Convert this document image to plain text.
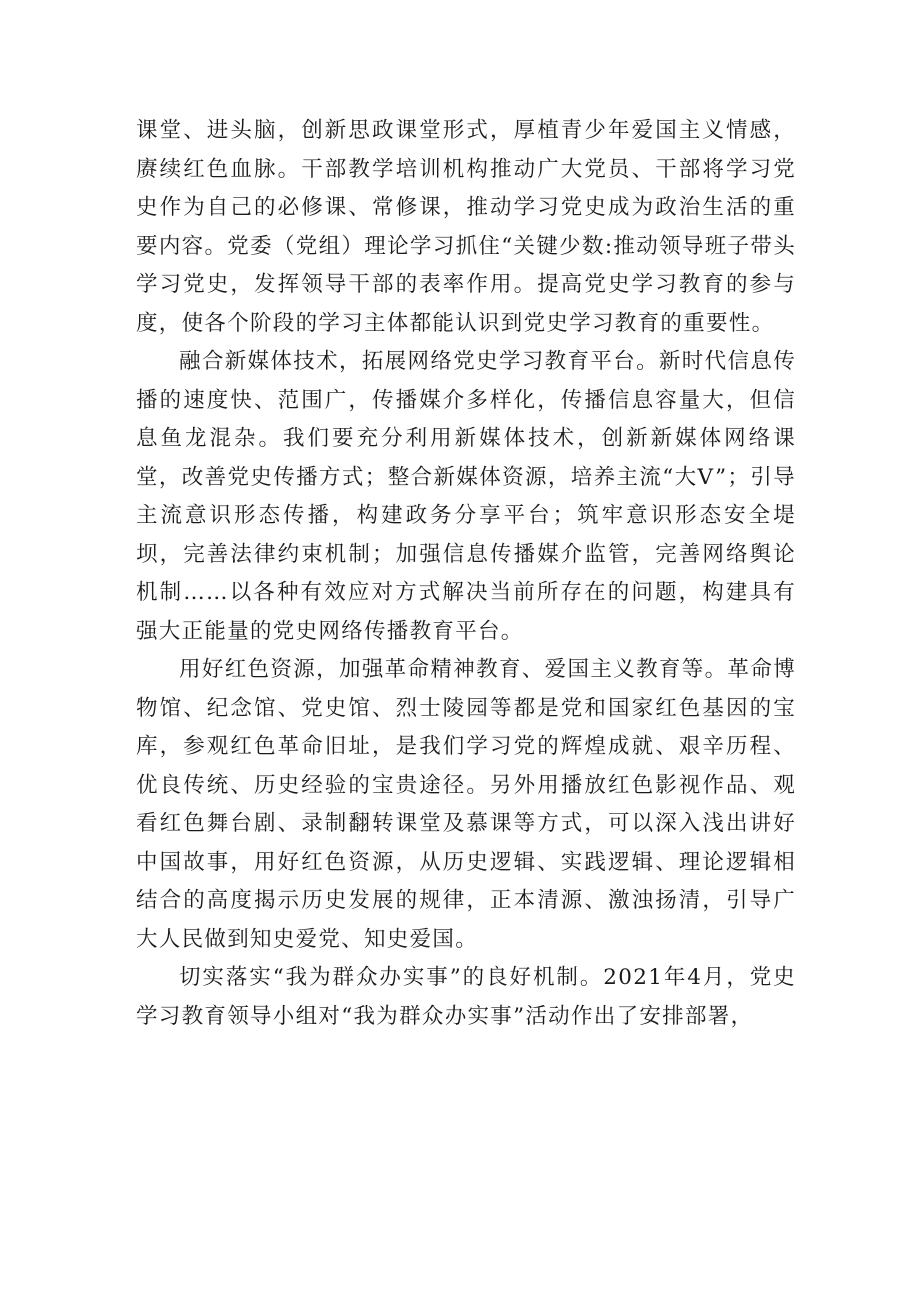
课堂、进头脑，创新思政课堂形式，厚植青少年爱国主义情感，赓续红色血脉。干部教学培训机构推动广大党员、干部将学习党史作为自己的必修课、常修课，推动学习党史成为政治生活的重要内容。党委（党组）理论学习抓住“关键少数:推动领导班子带头学习党史，发挥领导干部的表率作用。提高党史学习教育的参与度，使各个阶段的学习主体都能认识到党史学习教育的重要性。

融合新媒体技术，拓展网络党史学习教育平台。新时代信息传播的速度快、范围广，传播媒介多样化，传播信息容量大，但信息鱼龙混杂。我们要充分利用新媒体技术，创新新媒体网络课堂，改善党史传播方式；整合新媒体资源，培养主流“大V”；引导主流意识形态传播，构建政务分享平台；筑牢意识形态安全堤坝，完善法律约束机制；加强信息传播媒介监管，完善网络舆论机制……以各种有效应对方式解决当前所存在的问题，构建具有强大正能量的党史网络传播教育平台。

用好红色资源，加强革命精神教育、爱国主义教育等。革命博物馆、纪念馆、党史馆、烈士陵园等都是党和国家红色基因的宝库，参观红色革命旧址，是我们学习党的辉煌成就、艰辛历程、优良传统、历史经验的宝贵途径。另外用播放红色影视作品、观看红色舞台剧、录制翻转课堂及慕课等方式，可以深入浅出讲好中国故事，用好红色资源，从历史逻辑、实践逻辑、理论逻辑相结合的高度揭示历史发展的规律，正本清源、激浊扬清，引导广大人民做到知史爱党、知史爱国。

切实落实“我为群众办实事”的良好机制。2021年4月，党史学习教育领导小组对“我为群众办实事”活动作出了安排部署，
